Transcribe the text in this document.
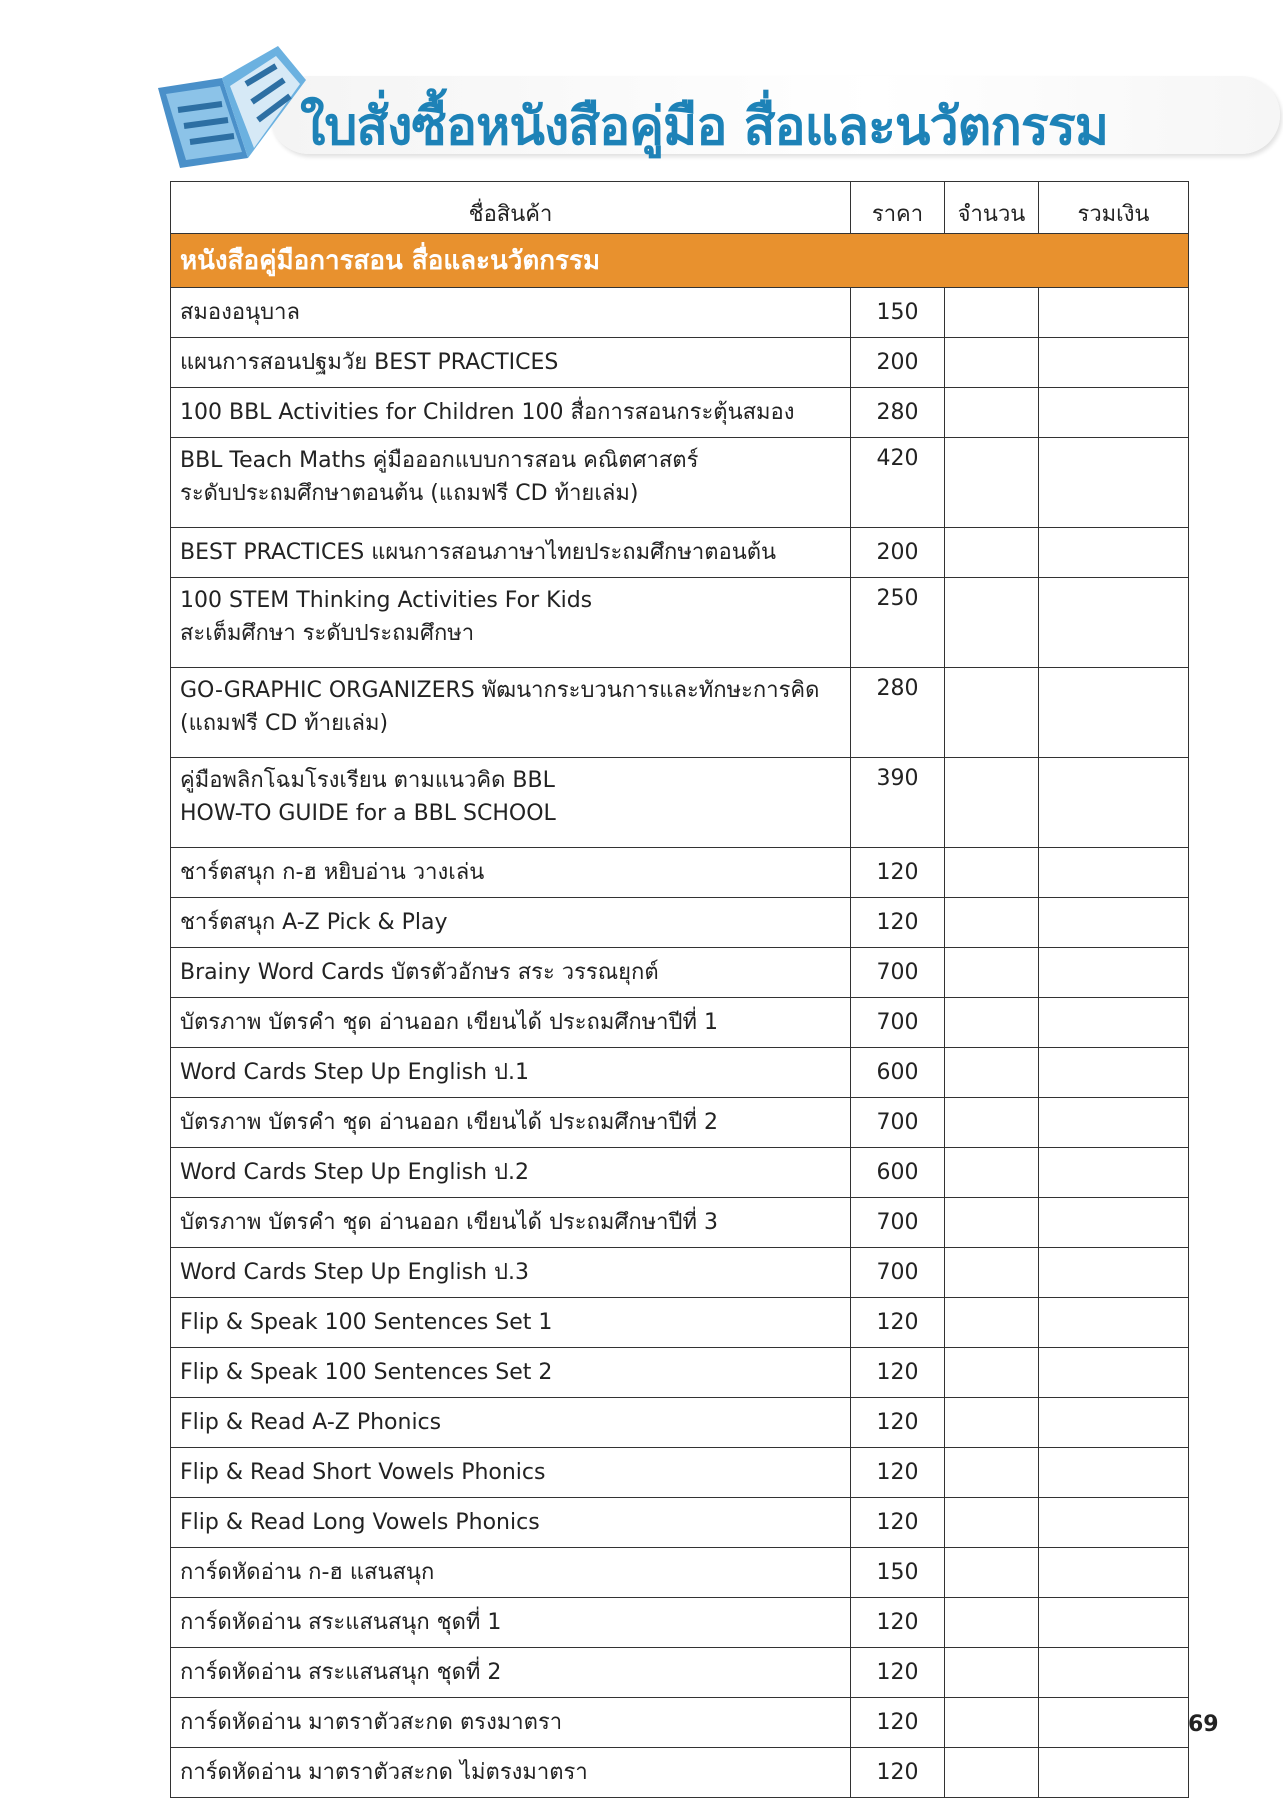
ใบสั่งซื้อหนังสือคู่มือ สื่อและนวัตกรรม
ชื่อสินค้า	ราคา	จำนวน	รวมเงิน
หนังสือคู่มือการสอน สื่อและนวัตกรรม			

สมองอนุบาล	150		

แผนการสอนปฐมวัย BEST PRACTICES	200		

100 BBL Activities for Children 100 สื่อการสอนกระตุ้นสมอง	280		

BBL Teach Maths คู่มือออกแบบการสอน คณิตศาสตร์
ระดับประถมศึกษาตอนต้น (แถมฟรี CD ท้ายเล่ม)	420		

BEST PRACTICES แผนการสอนภาษาไทยประถมศึกษาตอนต้น	200		

100 STEM Thinking Activities For Kids
สะเต็มศึกษา ระดับประถมศึกษา	250		

GO-GRAPHIC ORGANIZERS พัฒนากระบวนการและทักษะการคิด
(แถมฟรี CD ท้ายเล่ม)	280		

คู่มือพลิกโฉมโรงเรียน ตามแนวคิด BBL
HOW-TO GUIDE for a BBL SCHOOL	390		

ชาร์ตสนุก ก-ฮ หยิบอ่าน วางเล่น	120		

ชาร์ตสนุก A-Z Pick & Play	120		

Brainy Word Cards บัตรตัวอักษร สระ วรรณยุกต์	700		

บัตรภาพ บัตรคำ ชุด อ่านออก เขียนได้ ประถมศึกษาปีที่ 1	700		

Word Cards Step Up English ป.1	600		

บัตรภาพ บัตรคำ ชุด อ่านออก เขียนได้ ประถมศึกษาปีที่ 2	700		

Word Cards Step Up English ป.2	600		

บัตรภาพ บัตรคำ ชุด อ่านออก เขียนได้ ประถมศึกษาปีที่ 3	700		

Word Cards Step Up English ป.3	700		

Flip & Speak 100 Sentences Set 1	120		

Flip & Speak 100 Sentences Set 2	120		

Flip & Read A-Z Phonics	120		

Flip & Read Short Vowels Phonics	120		

Flip & Read Long Vowels Phonics	120		

การ์ดหัดอ่าน ก-ฮ แสนสนุก	150		

การ์ดหัดอ่าน สระแสนสนุก ชุดที่ 1	120		

การ์ดหัดอ่าน สระแสนสนุก ชุดที่ 2	120		

การ์ดหัดอ่าน มาตราตัวสะกด ตรงมาตรา	120		

การ์ดหัดอ่าน มาตราตัวสะกด ไม่ตรงมาตรา	120		
69
